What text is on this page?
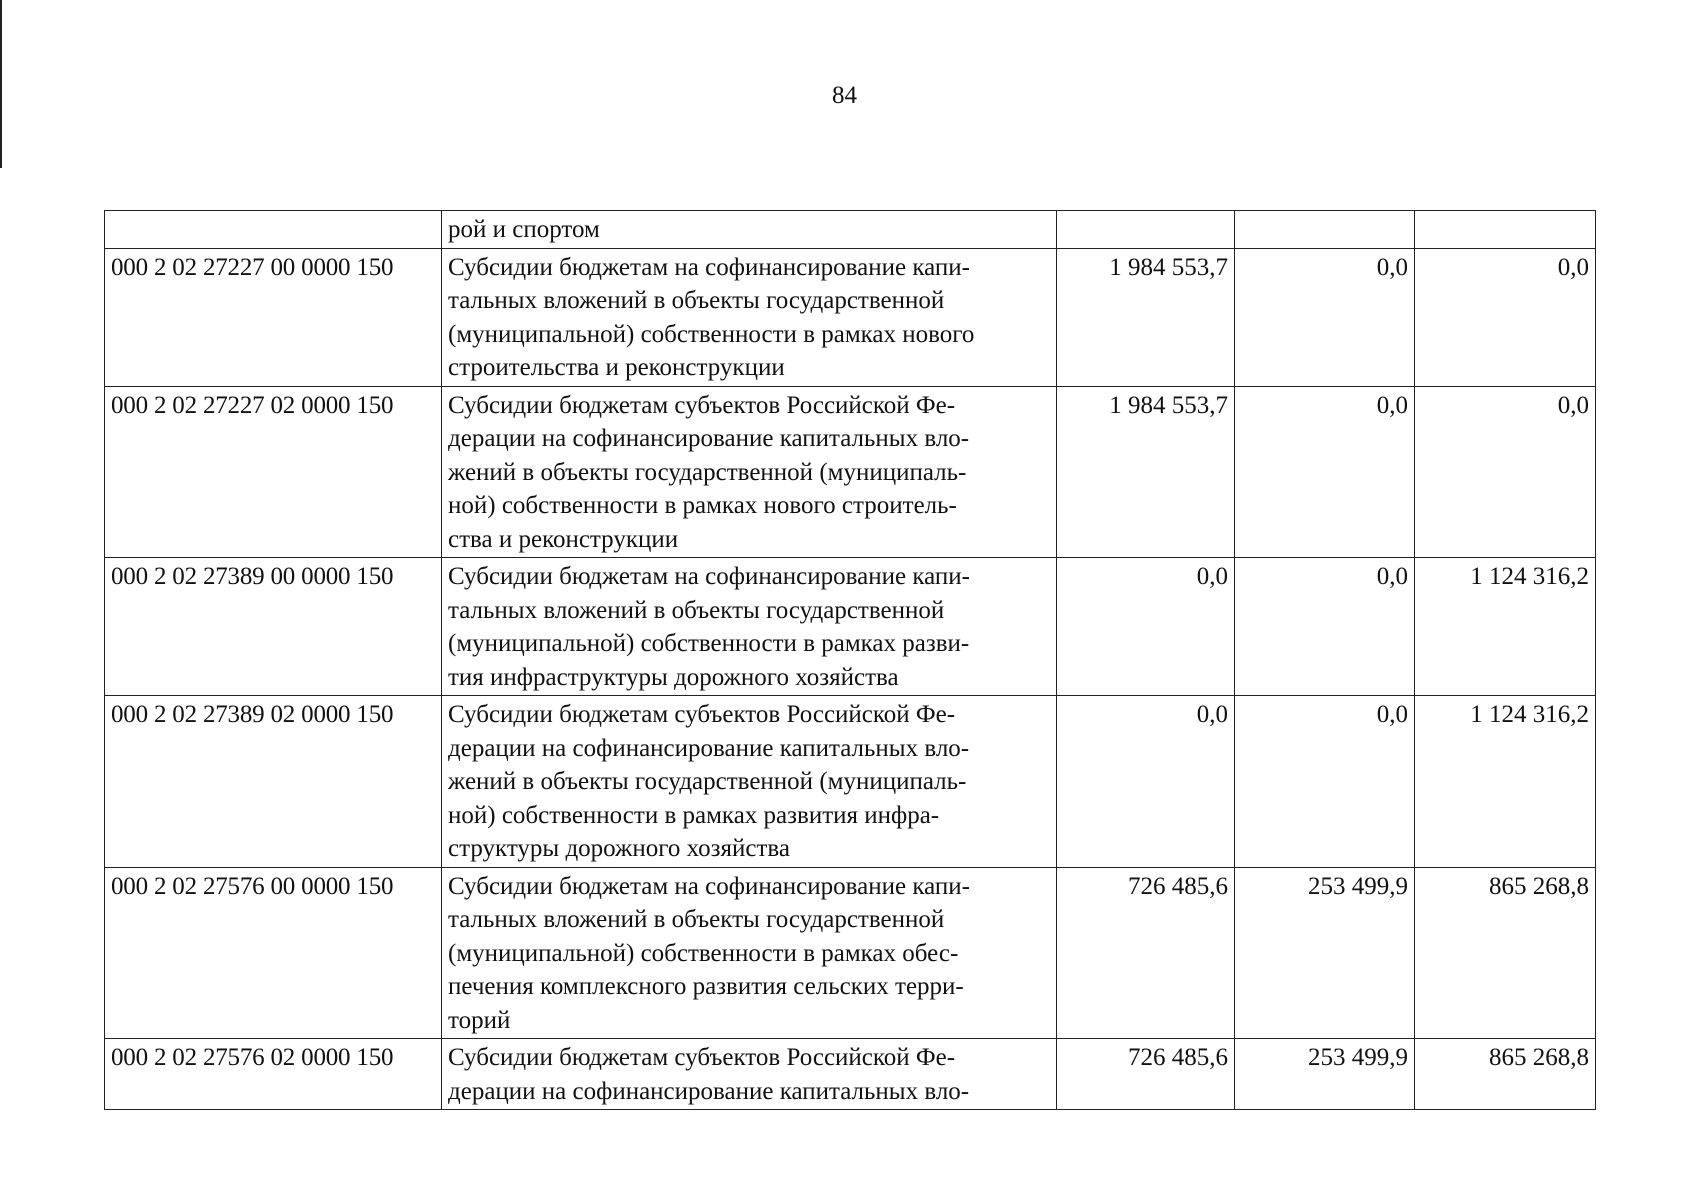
84

	рой и спортом			

000 2 02 27227 00 0000 150	Субсидии бюджетам на софинансирование капи-
тальных вложений в объекты государственной
(муниципальной) собственности в рамках нового
строительства и реконструкции	1 984 553,7	0,0	0,0
000 2 02 27227 02 0000 150	Субсидии бюджетам субъектов Российской Фе-
дерации на софинансирование капитальных вло-
жений в объекты государственной (муниципаль-
ной) собственности в рамках нового строитель-
ства и реконструкции	1 984 553,7	0,0	0,0
000 2 02 27389 00 0000 150	Субсидии бюджетам на софинансирование капи-
тальных вложений в объекты государственной
(муниципальной) собственности в рамках разви-
тия инфраструктуры дорожного хозяйства	0,0	0,0	1 124 316,2
000 2 02 27389 02 0000 150	Субсидии бюджетам субъектов Российской Фе-
дерации на софинансирование капитальных вло-
жений в объекты государственной (муниципаль-
ной) собственности в рамках развития инфра-
структуры дорожного хозяйства	0,0	0,0	1 124 316,2
000 2 02 27576 00 0000 150	Субсидии бюджетам на софинансирование капи-
тальных вложений в объекты государственной
(муниципальной) собственности в рамках обес-
печения комплексного развития сельских терри-
торий	726 485,6	253 499,9	865 268,8
000 2 02 27576 02 0000 150	Субсидии бюджетам субъектов Российской Фе-
дерации на софинансирование капитальных вло-	726 485,6	253 499,9	865 268,8
